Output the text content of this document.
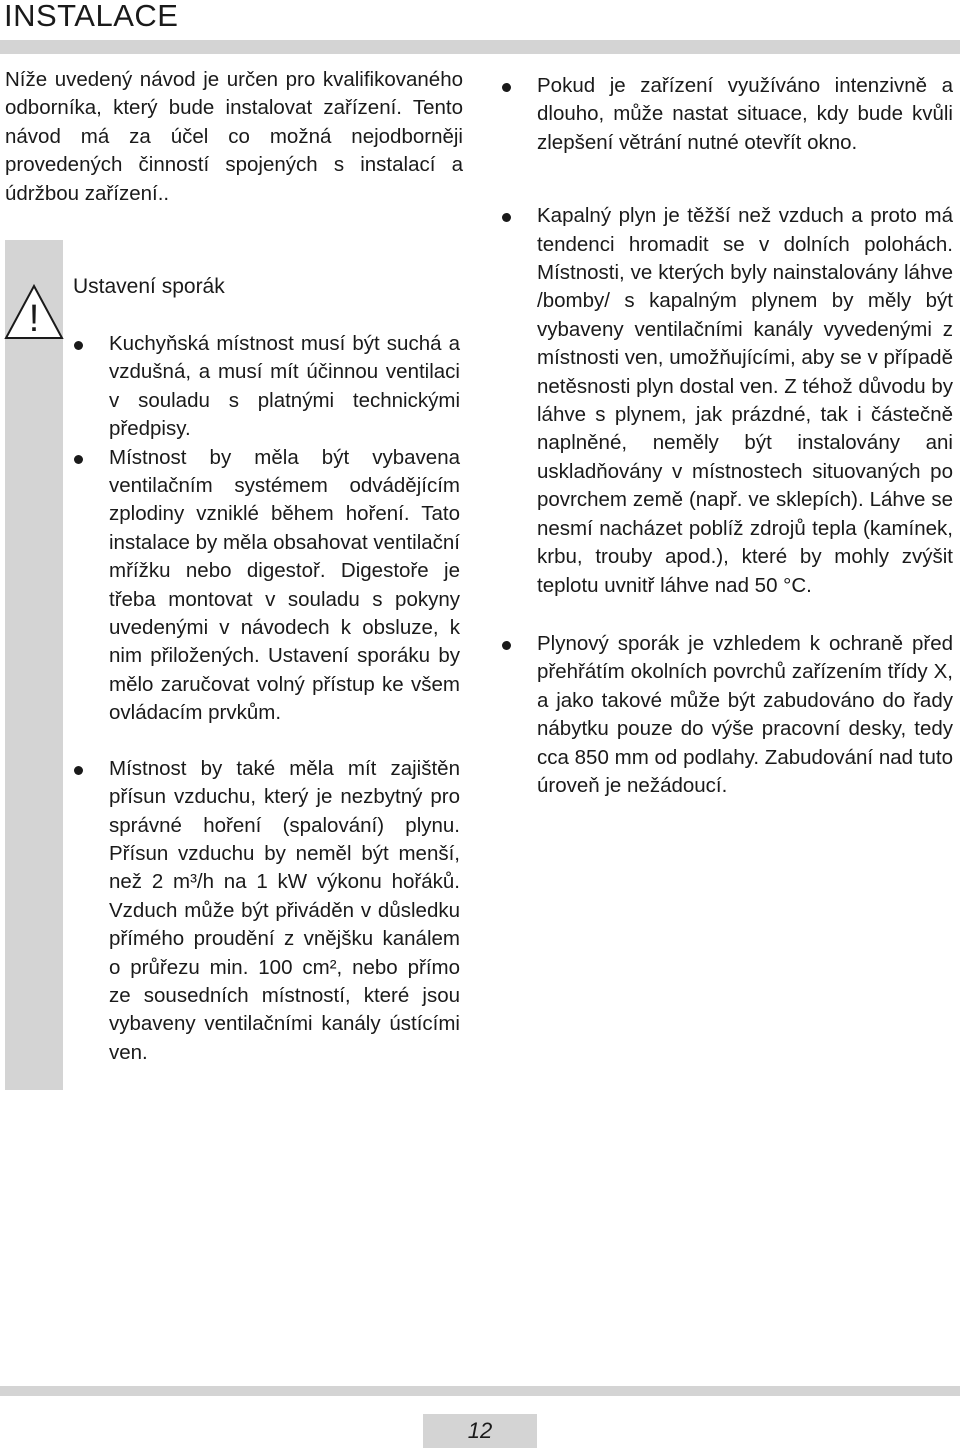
INSTALACE

Níže uvedený návod je určen pro kvalifikovaného odborníka, který bude instalovat zařízení. Tento návod má za účel co možná nejodborněji provedených činností spojených s instalací a údržbou zařízení..

!
Ustavení sporák
Kuchyňská místnost musí být suchá a vzdušná, a musí mít účinnou ventilaci v souladu s platnými technickými předpisy.
Místnost by měla být vybavena ventilačním systémem odvádějícím zplodiny vzniklé během hoření. Tato instalace by měla obsahovat ventilační mřížku nebo digestoř. Digestoře je třeba montovat v souladu s pokyny uvedenými v návodech k obsluze, k nim přiložených. Ustavení sporáku by mělo zaručovat volný přístup ke všem ovládacím prvkům.
Místnost by také měla mít zajištěn přísun vzduchu, který je nezbytný pro správné hoření (spalování) plynu. Přísun vzduchu by neměl být menší, než 2 m³/h na 1 kW výkonu hořáků. Vzduch může být přiváděn v důsledku přímého proudění z vnějšku kanálem o průřezu min. 100 cm², nebo přímo ze sousedních místností, které jsou vybaveny ventilačními kanály ústícími ven.
Pokud je zařízení využíváno intenzivně a dlouho, může nastat situace, kdy bude kvůli zlepšení větrání nutné otevřít okno.
Kapalný plyn je těžší než vzduch a proto má tendenci hromadit se v dolních polohách. Místnosti, ve kterých byly nainstalovány láhve /bomby/ s kapalným plynem by měly být vybaveny ventilačními kanály vyvedenými z místnosti ven, umožňujícími, aby se v případě netěsnosti plyn dostal ven. Z téhož důvodu by láhve s plynem, jak prázdné, tak i částečně naplněné, neměly být instalovány ani uskladňovány v místnostech situovaných po povrchem země (např. ve sklepích). Láhve se nesmí nacházet poblíž zdrojů tepla (kamínek, krbu, trouby apod.), které by mohly zvýšit teplotu uvnitř láhve nad 50 °C.
Plynový sporák je vzhledem k ochraně před přehřátím okolních povrchů zařízením třídy X, a jako takové může být zabudováno do řady nábytku pouze do výše pracovní desky, tedy cca 850 mm od podlahy. Zabudování nad tuto úroveň je nežádoucí.
12
